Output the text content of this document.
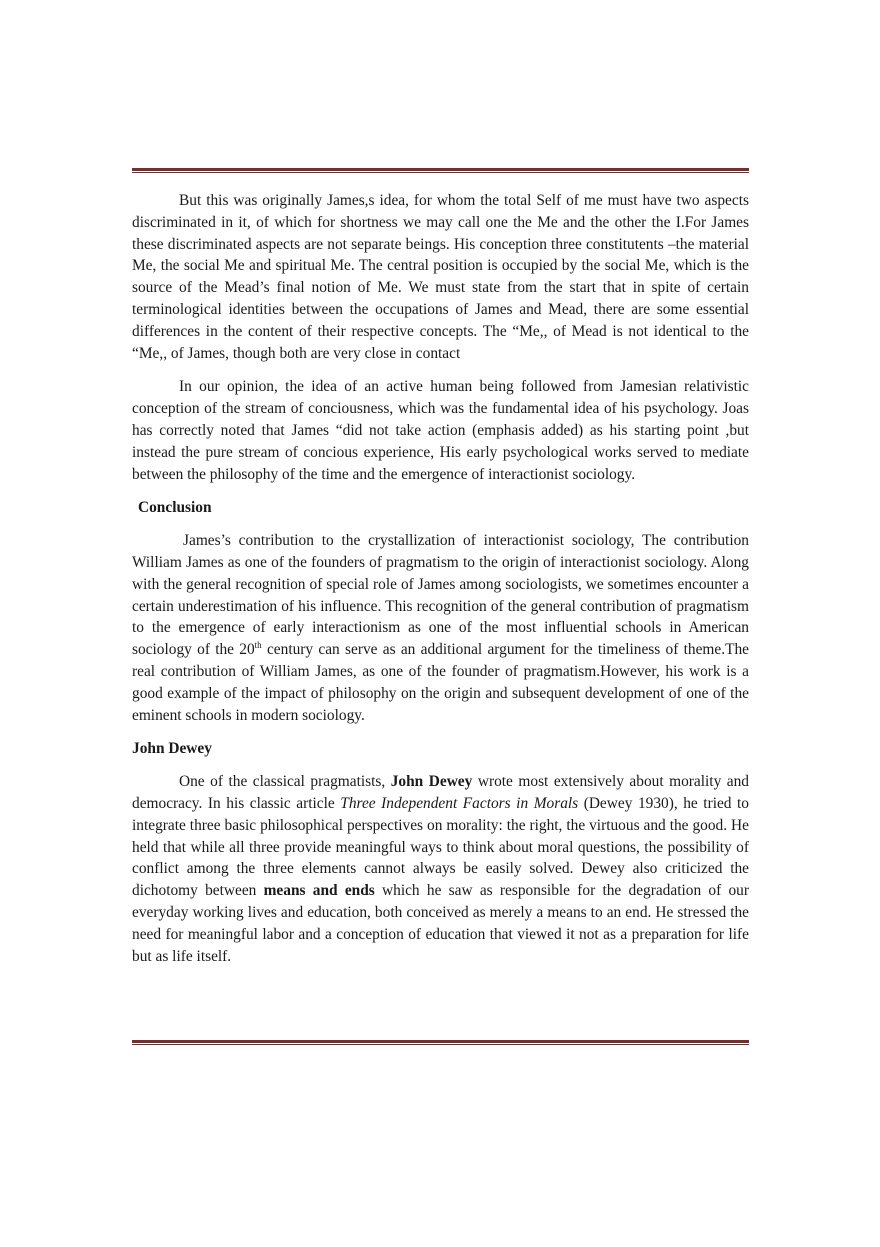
But this was originally James,s idea, for whom the total Self of me must have two aspects discriminated in it, of which for shortness we may call one the Me and the other the I.For James these discriminated aspects are not separate beings. His conception three constitutents –the material Me, the social Me and spiritual Me. The central position is occupied by the social Me, which is the source of the Mead’s final notion of Me. We must state from the start that in spite of certain terminological identities between the occupations of James and Mead, there are some essential differences in the content of their respective concepts. The “Me,, of Mead is not identical to the “Me,, of James, though both are very close in contact

In our opinion, the idea of an active human being followed from Jamesian relativistic conception of the stream of conciousness, which was the fundamental idea of his psychology. Joas has correctly noted that James “did not take action (emphasis added) as his starting point ,but instead the pure stream of concious experience, His early psychological works served to mediate between the philosophy of the time and the emergence of interactionist sociology.

Conclusion

James’s contribution to the crystallization of interactionist sociology, The contribution William James as one of the founders of pragmatism to the origin of interactionist sociology. Along with the general recognition of special role of James among sociologists, we sometimes encounter a certain underestimation of his influence. This recognition of the general contribution of pragmatism to the emergence of early interactionism as one of the most influential schools in American sociology of the 20th century can serve as an additional argument for the timeliness of theme.The real contribution of William James, as one of the founder of pragmatism.However, his work is a good example of the impact of philosophy on the origin and subsequent development of one of the eminent schools in modern sociology.

John Dewey

One of the classical pragmatists, John Dewey wrote most extensively about morality and democracy. In his classic article Three Independent Factors in Morals (Dewey 1930), he tried to integrate three basic philosophical perspectives on morality: the right, the virtuous and the good. He held that while all three provide meaningful ways to think about moral questions, the possibility of conflict among the three elements cannot always be easily solved. Dewey also criticized the dichotomy between means and ends which he saw as responsible for the degradation of our everyday working lives and education, both conceived as merely a means to an end. He stressed the need for meaningful labor and a conception of education that viewed it not as a preparation for life but as life itself.
